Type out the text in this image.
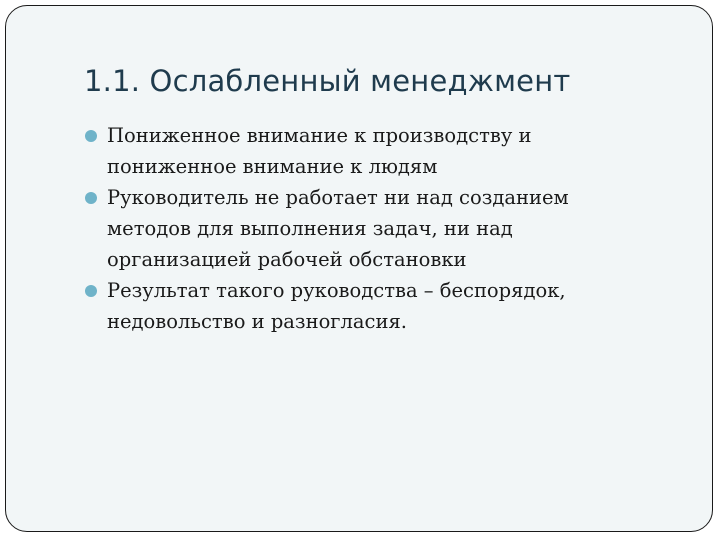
1.1. Ослабленный менеджмент
Пониженное внимание к производству и
пониженное внимание к людям
Руководитель не работает ни над созданием
методов для выполнения задач, ни над
организацией рабочей обстановки
Результат такого руководства – беспорядок,
недовольство и разногласия.
